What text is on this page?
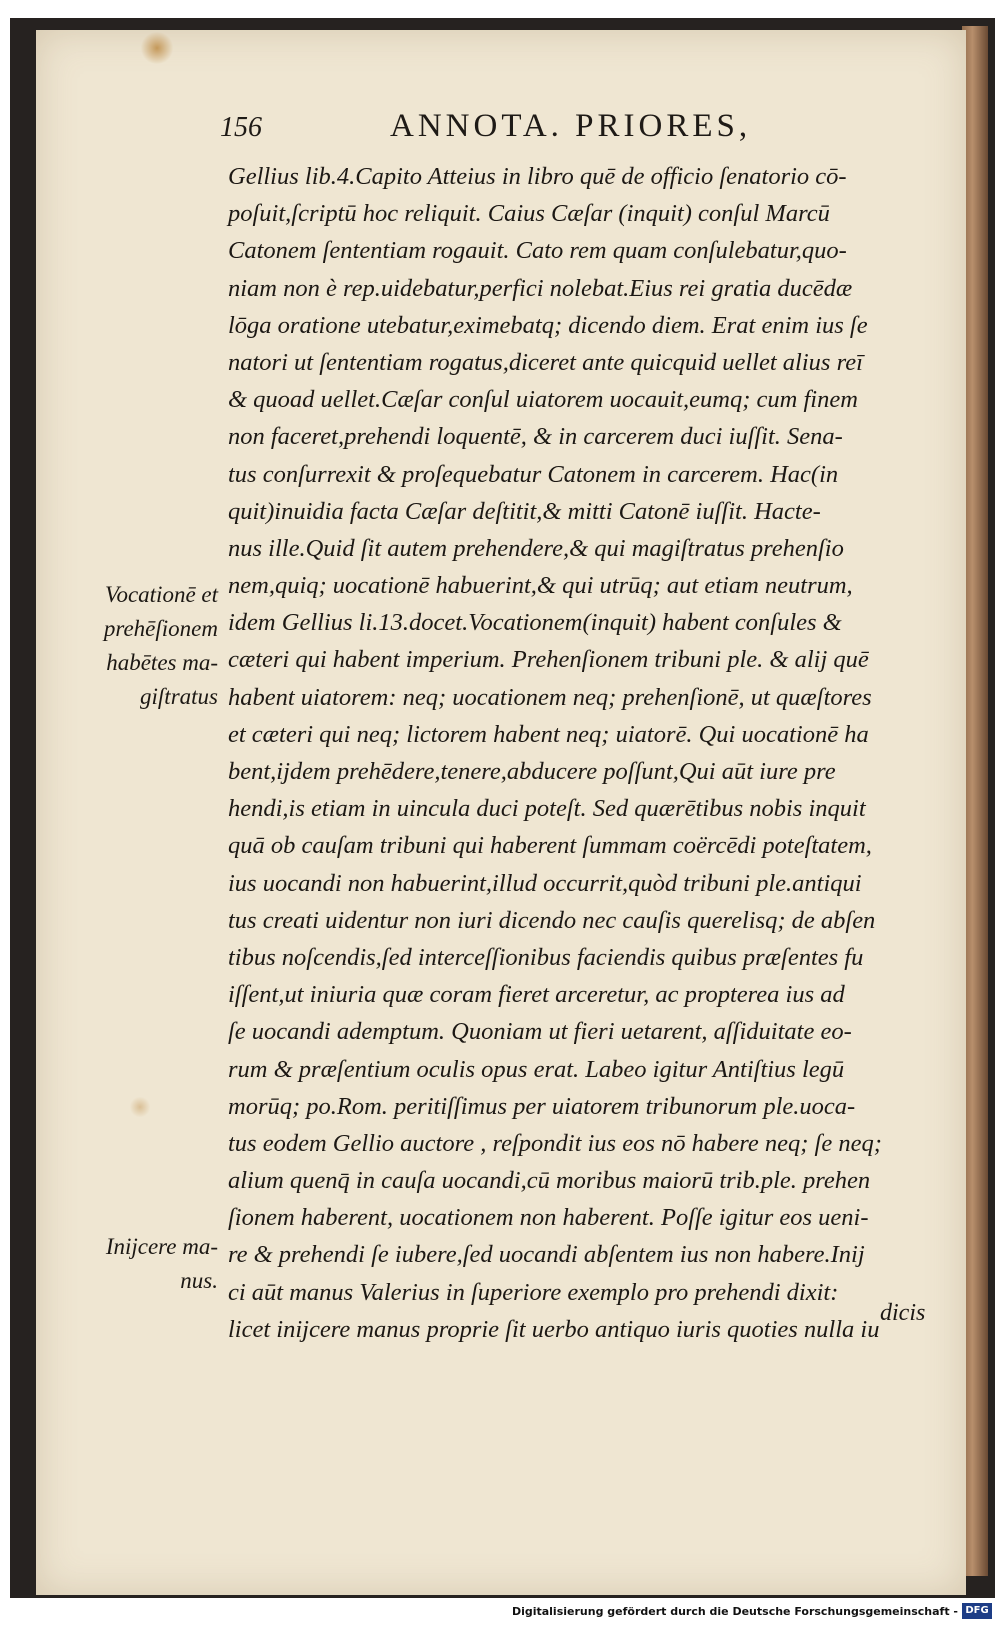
156	ANNOTA. PRIORES,
Gellius lib.4.Capito Atteius in libro quē de officio ſenatorio cō-
poſuit,ſcriptū hoc reliquit. Caius Cæſar (inquit) conſul Marcū
Catonem ſententiam rogauit. Cato rem quam conſulebatur,quo-
niam non è rep.uidebatur,perfici nolebat.Eius rei gratia ducēdæ
lōga oratione utebatur,eximebatq; dicendo diem. Erat enim ius ſe
natori ut ſententiam rogatus,diceret ante quicquid uellet alius reī
& quoad uellet.Cæſar conſul uiatorem uocauit,eumq; cum finem
non faceret,prehendi loquentē, & in carcerem duci iuſſit. Sena-
tus conſurrexit & proſequebatur Catonem in carcerem. Hac(in
quit)inuidia facta Cæſar deſtitit,& mitti Catonē iuſſit. Hacte-
nus ille.Quid ſit autem prehendere,& qui magiſtratus prehenſio
nem,quiq; uocationē habuerint,& qui utrūq; aut etiam neutrum,
idem Gellius li.13.docet.Vocationem(inquit) habent conſules &
cæteri qui habent imperium. Prehenſionem tribuni ple. & alij quē
habent uiatorem: neq; uocationem neq; prehenſionē, ut quæſtores
et cæteri qui neq; lictorem habent neq; uiatorē. Qui uocationē ha
bent,ijdem prehēdere,tenere,abducere poſſunt,Qui aūt iure pre
hendi,is etiam in uincula duci poteſt. Sed quærētibus nobis inquit
quā ob cauſam tribuni qui haberent ſummam coërcēdi poteſtatem,
ius uocandi non habuerint,illud occurrit,quòd tribuni ple.antiqui
tus creati uidentur non iuri dicendo nec cauſis querelisq; de abſen
tibus noſcendis,ſed interceſſionibus faciendis quibus præſentes fu
iſſent,ut iniuria quæ coram fieret arceretur, ac propterea ius ad
ſe uocandi ademptum. Quoniam ut fieri uetarent, aſſiduitate eo-
rum & præſentium oculis opus erat. Labeo igitur Antiſtius legū
morūq; po.Rom. peritiſſimus per uiatorem tribunorum ple.uoca-
tus eodem Gellio auctore , reſpondit ius eos nō habere neq; ſe neq;
alium quenq̄ in cauſa uocandi,cū moribus maiorū trib.ple. prehen
ſionem haberent, uocationem non haberent. Poſſe igitur eos ueni-
re & prehendi ſe iubere,ſed uocandi abſentem ius non habere.Inij
ci aūt manus Valerius in ſuperiore exemplo pro prehendi dixit:
licet inijcere manus proprie ſit uerbo antiquo iuris quoties nulla iu
Vocationē et
prehēſionem
habētes ma-
giſtratus
Inijcere ma-
nus.
dicis
Digitalisierung gefördert durch die Deutsche Forschungsgemeinschaft - DFG
